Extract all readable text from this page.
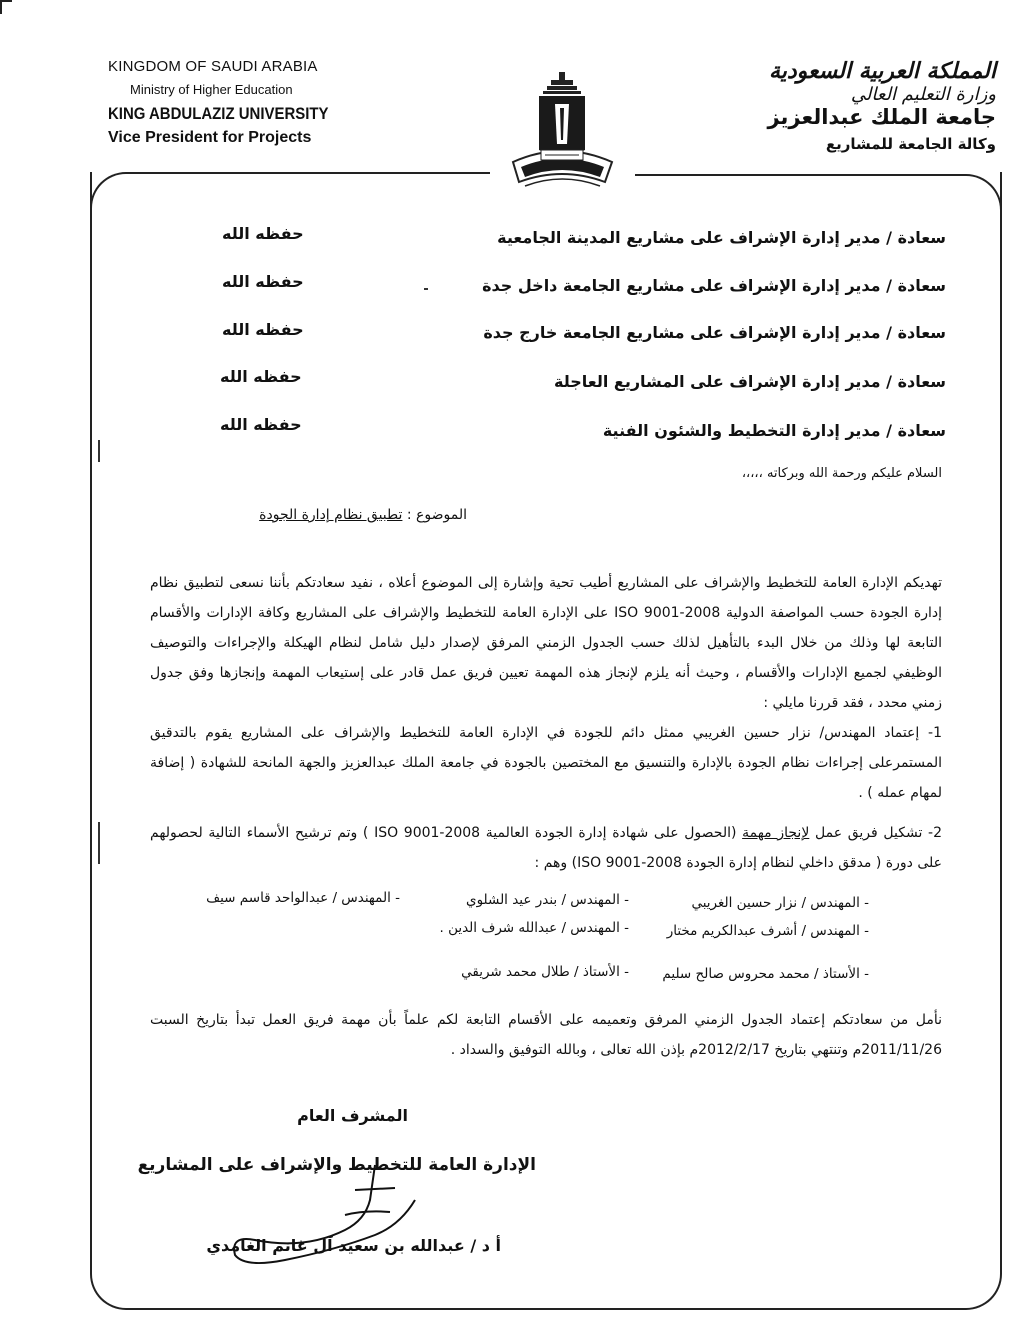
KINGDOM OF SAUDI ARABIA
Ministry of Higher Education
KING ABDULAZIZ UNIVERSITY
Vice President for Projects
المملكة العربية السعودية
وزارة التعليم العالي
جامعة الملك عبدالعزيز
وكالة الجامعة للمشاريع
سعادة / مدير إدارة الإشراف على مشاريع المدينة الجامعية
حفظه الله
سعادة / مدير إدارة الإشراف على مشاريع الجامعة داخل جدة
حفظه الله
سعادة / مدير إدارة الإشراف على مشاريع الجامعة خارج جدة
حفظه الله
سعادة / مدير إدارة الإشراف على المشاريع العاجلة
حفظه الله
سعادة / مدير إدارة التخطيط والشئون الفنية
حفظه الله
السلام عليكم ورحمة الله وبركاته ،،،،،
الموضوع : تطبيق نظام إدارة الجودة
تهديكم الإدارة العامة للتخطيط والإشراف على المشاريع أطيب تحية وإشارة إلى الموضوع أعلاه ، نفيد سعادتكم بأننا نسعى لتطبيق نظام إدارة الجودة حسب المواصفة الدولية ISO 9001-2008 على الإدارة العامة للتخطيط والإشراف على المشاريع وكافة الإدارات والأقسام التابعة لها وذلك من خلال البدء بالتأهيل لذلك حسب الجدول الزمني المرفق لإصدار دليل شامل لنظام الهيكلة والإجراءات والتوصيف الوظيفي لجميع الإدارات والأقسام ، وحيث أنه يلزم لإنجاز هذه المهمة تعيين فريق عمل قادر على إستيعاب المهمة وإنجازها وفق جدول زمني محدد ، فقد قررنا مايلي :
1- إعتماد المهندس/ نزار حسين الغريبي ممثل دائم للجودة في الإدارة العامة للتخطيط والإشراف على المشاريع يقوم بالتدقيق المستمرعلى إجراءات نظام الجودة بالإدارة والتنسيق مع المختصين بالجودة في جامعة الملك عبدالعزيز والجهة المانحة للشهادة ( إضافة لمهام عمله ) .
2- تشكيل فريق عمل لإنجاز مهمة (الحصول على شهادة إدارة الجودة العالمية ISO 9001-2008 ) وتم ترشيح الأسماء التالية لحصولهم على دورة ( مدقق داخلي لنظام إدارة الجودة ISO 9001-2008) وهم :
- المهندس / نزار حسين الغريبي
- المهندس / بندر عيد الشلوي
- المهندس / عبدالواحد قاسم سيف
- المهندس / أشرف عبدالكريم مختار
- المهندس / عبدالله شرف الدين .
- الأستاذ / محمد محروس صالح سليم
- الأستاذ / طلال محمد شريقي
نأمل من سعادتكم إعتماد الجدول الزمني المرفق وتعميمه على الأقسام التابعة لكم علماً بأن مهمة فريق العمل تبدأ بتاريخ السبت 2011/11/26م وتنتهي بتاريخ 2012/2/17م بإذن الله تعالى ، وبالله التوفيق والسداد .
المشرف العام
الإدارة العامة للتخطيط والإشراف على المشاريع
أ د / عبدالله بن سعيد آل غانم الغامدي
